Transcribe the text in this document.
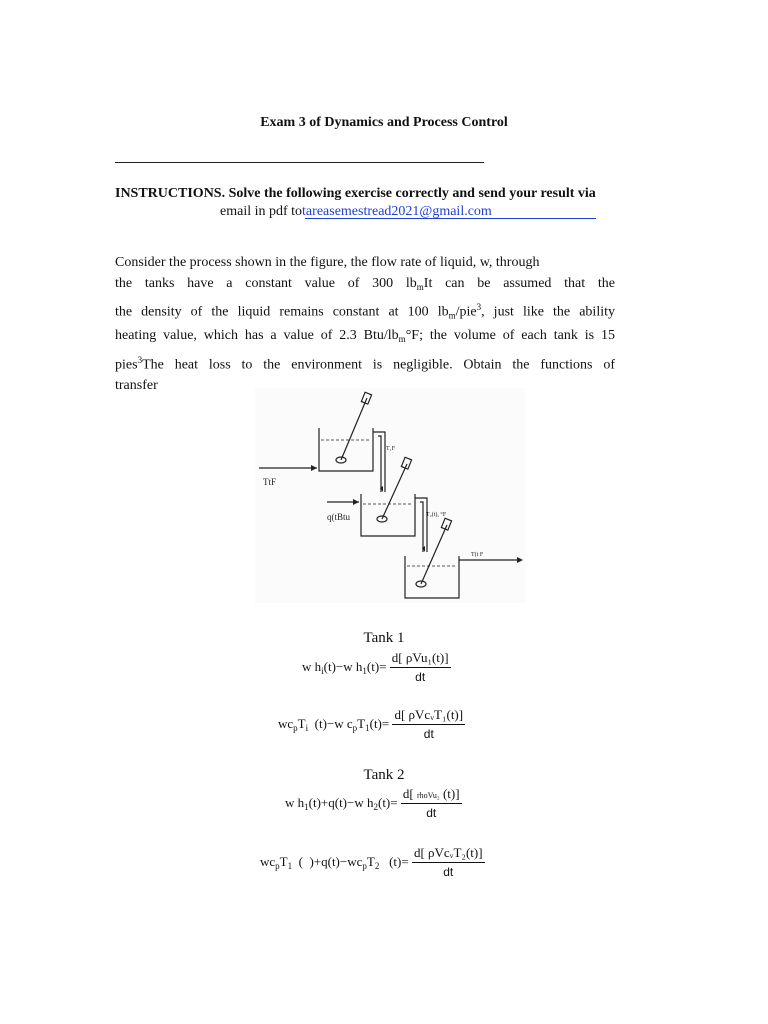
Exam 3 of Dynamics and Process Control
INSTRUCTIONS. Solve the following exercise correctly and send your result via
email in pdf totareasemestread2021@gmail.com
Consider the process shown in the figure, the flow rate of liquid, w, through
the tanks have a constant value of 300 $lb_mIt$ can be assumed that the
the density of the liquid remains constant at 100 $lb_m/pie^3$, just like the ability
heating value, which has a value of 2.3 Btu/$lb_m^\circ F$; the volume of each tank is 15
pies$^3$The heat loss to the environment is negligible. Obtain the functions of
transfer
T₁F
TtF
q(tBtu	T₂(t), °F
T(t F
Tank 1
w $h_i(t)-w$ $h_1(t)= \frac{\text{d[ ρVu₁(t)]}}{dt}$
$wc_pT_i$  (t)−w $c_pT_1(t)= \frac{\text{d[ ρVcᵥT₁(t)]}}{dt}$
Tank 2
w $h_1(t)+q(t)-w$ $h_2(t)= \frac{\text{d[ rhoVu₂ (t)]}}{dt}$
$wc_pT_1$  (  )$+q(t)-wc_pT_2$   $(t)= \frac{\text{d[ ρVcᵥT₂(t)]}}{dt}$
